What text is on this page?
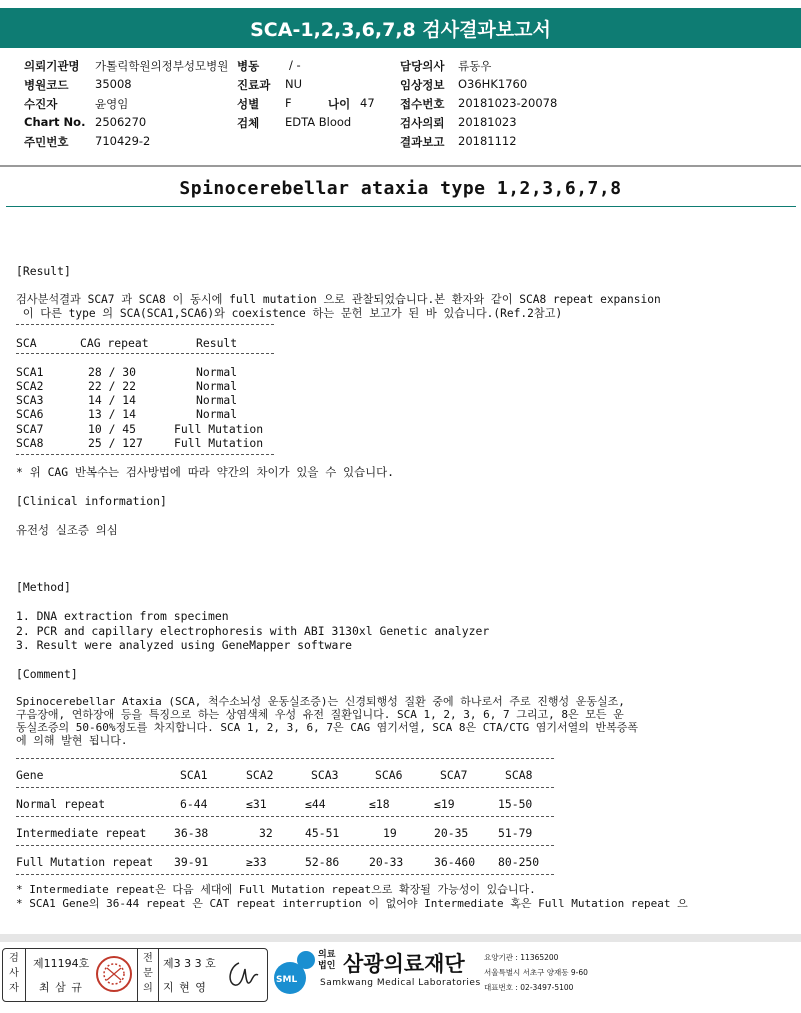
SCA-1,2,3,6,7,8 검사결과보고서
의뢰기관명 가톨릭학원의정부성모병원
병원코드 35008
수진자	윤영임
Chart No. 2506270
주민번호 710429-2
병동	/ -
진료과 NU
성별 F	나이 47
검체 EDTA Blood
담당의사 류동우
임상정보 O36HK1760
접수번호 20181023-20078
검사의뢰 20181023
결과보고 20181112
Spinocerebellar ataxia type 1,2,3,6,7,8
[Result]
검사분석결과 SCA7 과 SCA8 이 동시에 full mutation 으로 관찰되었습니다.본 환자와 같이 SCA8 repeat expansion
이 다른 type 의 SCA(SCA1,SCA6)와 coexistence 하는 문헌 보고가 된 바 있습니다.(Ref.2참고)
SCA	CAG repeat	Result
SCA1	28 / 30	Normal
SCA2	22 / 22	Normal
SCA3	14 / 14	Normal
SCA6	13 / 14	Normal
SCA7	10 / 45	Full Mutation
SCA8	25 / 127	Full Mutation
* 위 CAG 반복수는 검사방법에 따라 약간의 차이가 있을 수 있습니다.
[Clinical information]
유전성 실조증 의심
[Method]
1. DNA extraction from specimen
2. PCR and capillary electrophoresis with ABI 3130xl Genetic analyzer
3. Result were analyzed using GeneMapper software
[Comment]
Spinocerebellar Ataxia (SCA, 척수소뇌성 운동실조증)는 신경퇴행성 질환 중에 하나로서 주로 진행성 운동실조,
구음장애, 연하장애 등을 특징으로 하는 상염색체 우성 유전 질환입니다. SCA 1, 2, 3, 6, 7 그리고, 8은 모든 운
동실조증의 50-60%정도를 차지합니다. SCA 1, 2, 3, 6, 7은 CAG 염기서열, SCA 8은 CTA/CTG 염기서열의 반복증폭
에 의해 발현 됩니다.
Gene	SCA1	SCA2	SCA3	SCA6	SCA7	SCA8
Normal repeat	6-44	≤31	≤44	≤18	≤19	15-50
Intermediate repeat 36-38	32	45-51	19	20-35	51-79
Full Mutation repeat 39-91	≥33	52-86	20-33	36-460 80-250
* Intermediate repeat은 다음 세대에 Full Mutation repeat으로 확장될 가능성이 있습니다.
* SCA1 Gene의 36-44 repeat 은 CAT repeat interruption 이 없어야 Intermediate 혹은 Full Mutation repeat 으
검사자
제11194호
최 삼 규
전문의
제3 3 3 호
지 현 영
SML
의료법인 삼광의료재단
Samkwang Medical Laboratories
요양기관 : 11365200
서울특별시 서초구 양재동 9-60
대표번호 : 02-3497-5100
